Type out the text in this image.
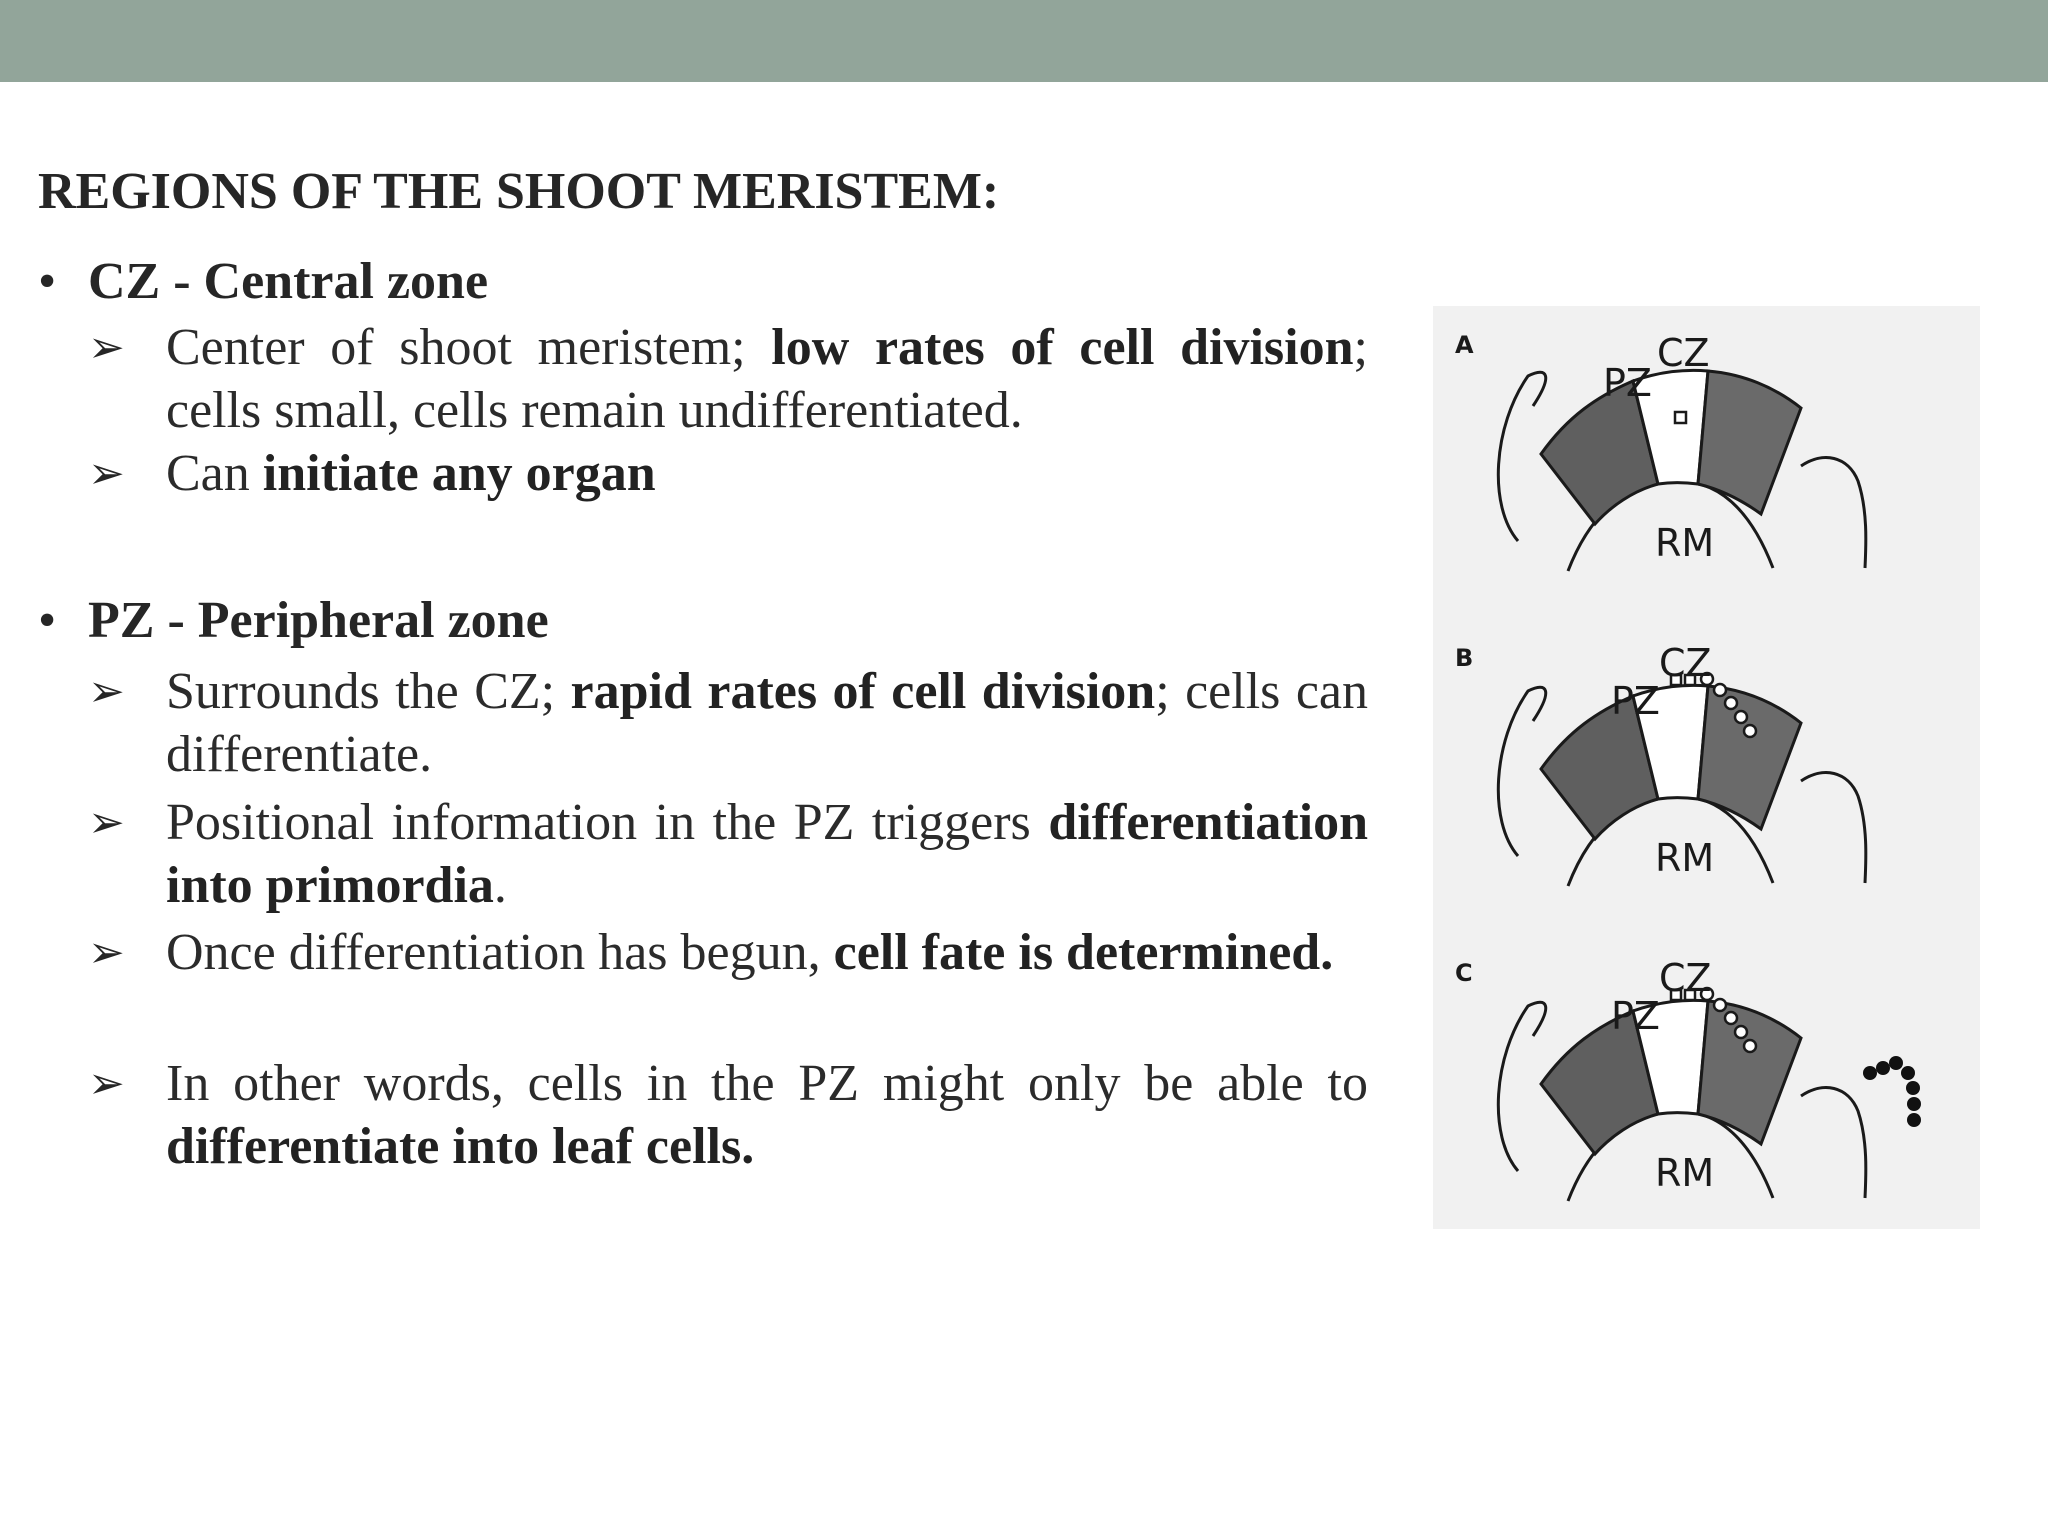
REGIONS OF THE SHOOT MERISTEM:
• CZ - Central zone
➢ Center of shoot meristem; low rates of cell division; cells small, cells remain undifferentiated.
➢ Can initiate any organ
• PZ - Peripheral zone
➢ Surrounds the CZ; rapid rates of cell division; cells can differentiate.
➢ Positional information in the PZ triggers differentiation into primordia.
➢ Once differentiation has begun, cell fate is determined.
➢ In other words, cells in the PZ might only be able to differentiate into leaf cells.
A
PZ
CZ
RM
B
PZ
CZ
RM
C
PZ
CZ
RM
